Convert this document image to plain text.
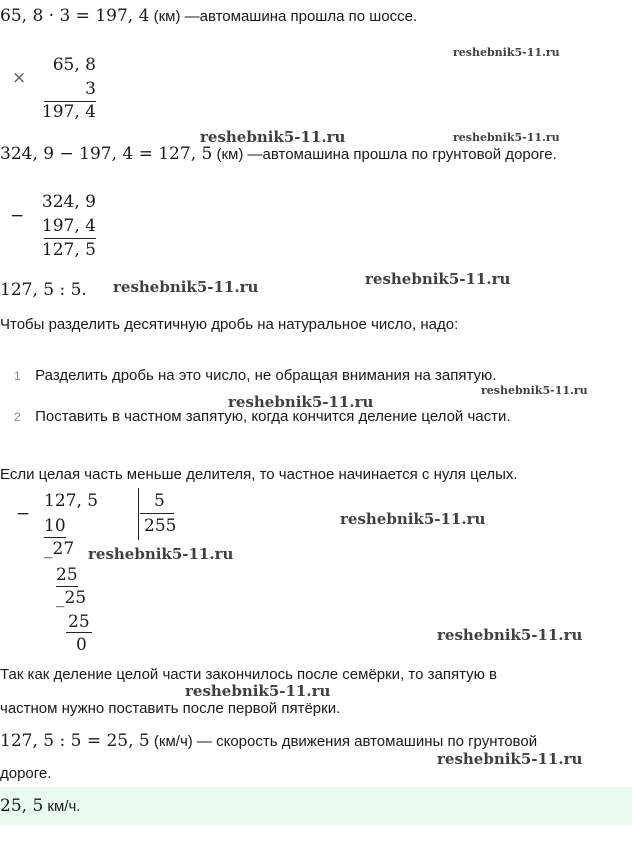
65, 8 · 3 = 197, 4 (км) —автомашина прошла по шоссе.
×
65, 8
3
197, 4
324, 9 − 197, 4 = 127, 5 (км) —автомашина прошла по грунтовой дороге.
−
324, 9
197, 4
127, 5
127, 5 : 5.
Чтобы разделить десятичную дробь на натуральное число, надо:
1 Разделить дробь на это число, не обращая внимания на запятую.
2 Поставить в частном запятую, когда кончится деление целой части.
Если целая часть меньше делителя, то частное начинается с нуля целых.
−
127, 5	5
255
10
_27
25
_25
25
0
Так как деление целой части закончилось после семёрки, то запятую в
частном нужно поставить после первой пятёрки.
127, 5 : 5 = 25, 5 (км/ч) — скорость движения автомашины по грунтовой
дороге.
25, 5 км/ч.
reshebnik5-11.ru
reshebnik5-11.ru	reshebnik5-11.ru
reshebnik5-11.ru	reshebnik5-11.ru
reshebnik5-11.ru
reshebnik5-11.ru
reshebnik5-11.ru
reshebnik5-11.ru
reshebnik5-11.ru
reshebnik5-11.ru
reshebnik5-11.ru
